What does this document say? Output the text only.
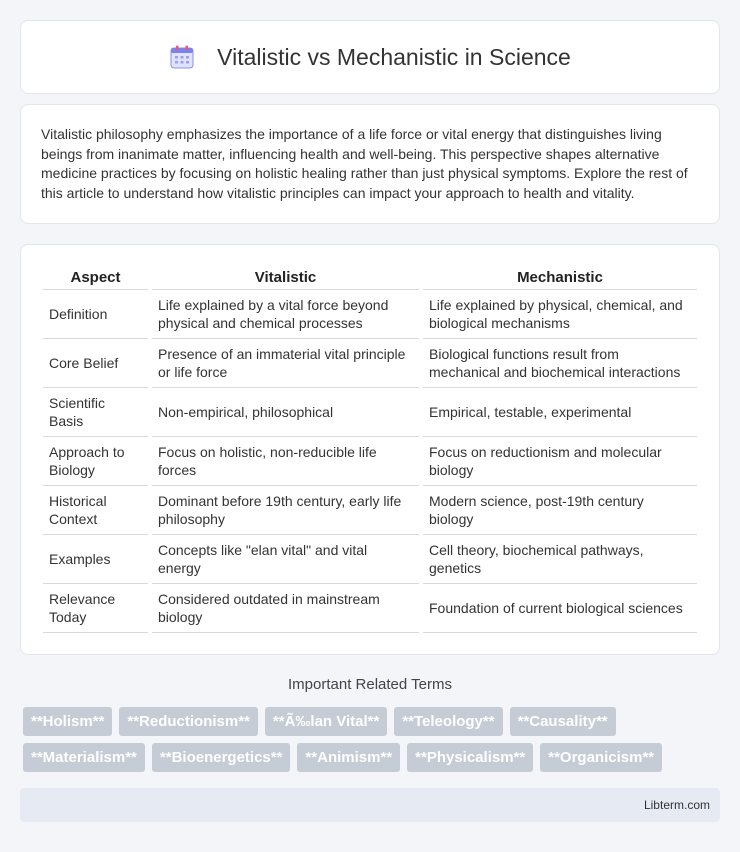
Vitalistic vs Mechanistic in Science

Vitalistic philosophy emphasizes the importance of a life force or vital energy that distinguishes living beings from inanimate matter, influencing health and well-being. This perspective shapes alternative medicine practices by focusing on holistic healing rather than just physical symptoms. Explore the rest of this article to understand how vitalistic principles can impact your approach to health and vitality.

Aspect	Vitalistic	Mechanistic
Definition	Life explained by a vital force beyond physical and chemical processes	Life explained by physical, chemical, and biological mechanisms
Core Belief	Presence of an immaterial vital principle or life force	Biological functions result from mechanical and biochemical interactions
Scientific Basis	Non-empirical, philosophical	Empirical, testable, experimental
Approach to Biology	Focus on holistic, non-reducible life forces	Focus on reductionism and molecular biology
Historical Context	Dominant before 19th century, early life philosophy	Modern science, post-19th century biology
Examples	Concepts like "elan vital" and vital energy	Cell theory, biochemical pathways, genetics
Relevance Today	Considered outdated in mainstream biology	Foundation of current biological sciences
Important Related Terms
**Holism**	**Reductionism**	**Ã‰lan Vital**	**Teleology**	**Causality**
**Materialism**	**Bioenergetics**	**Animism**	**Physicalism**	**Organicism**
Libterm.com
